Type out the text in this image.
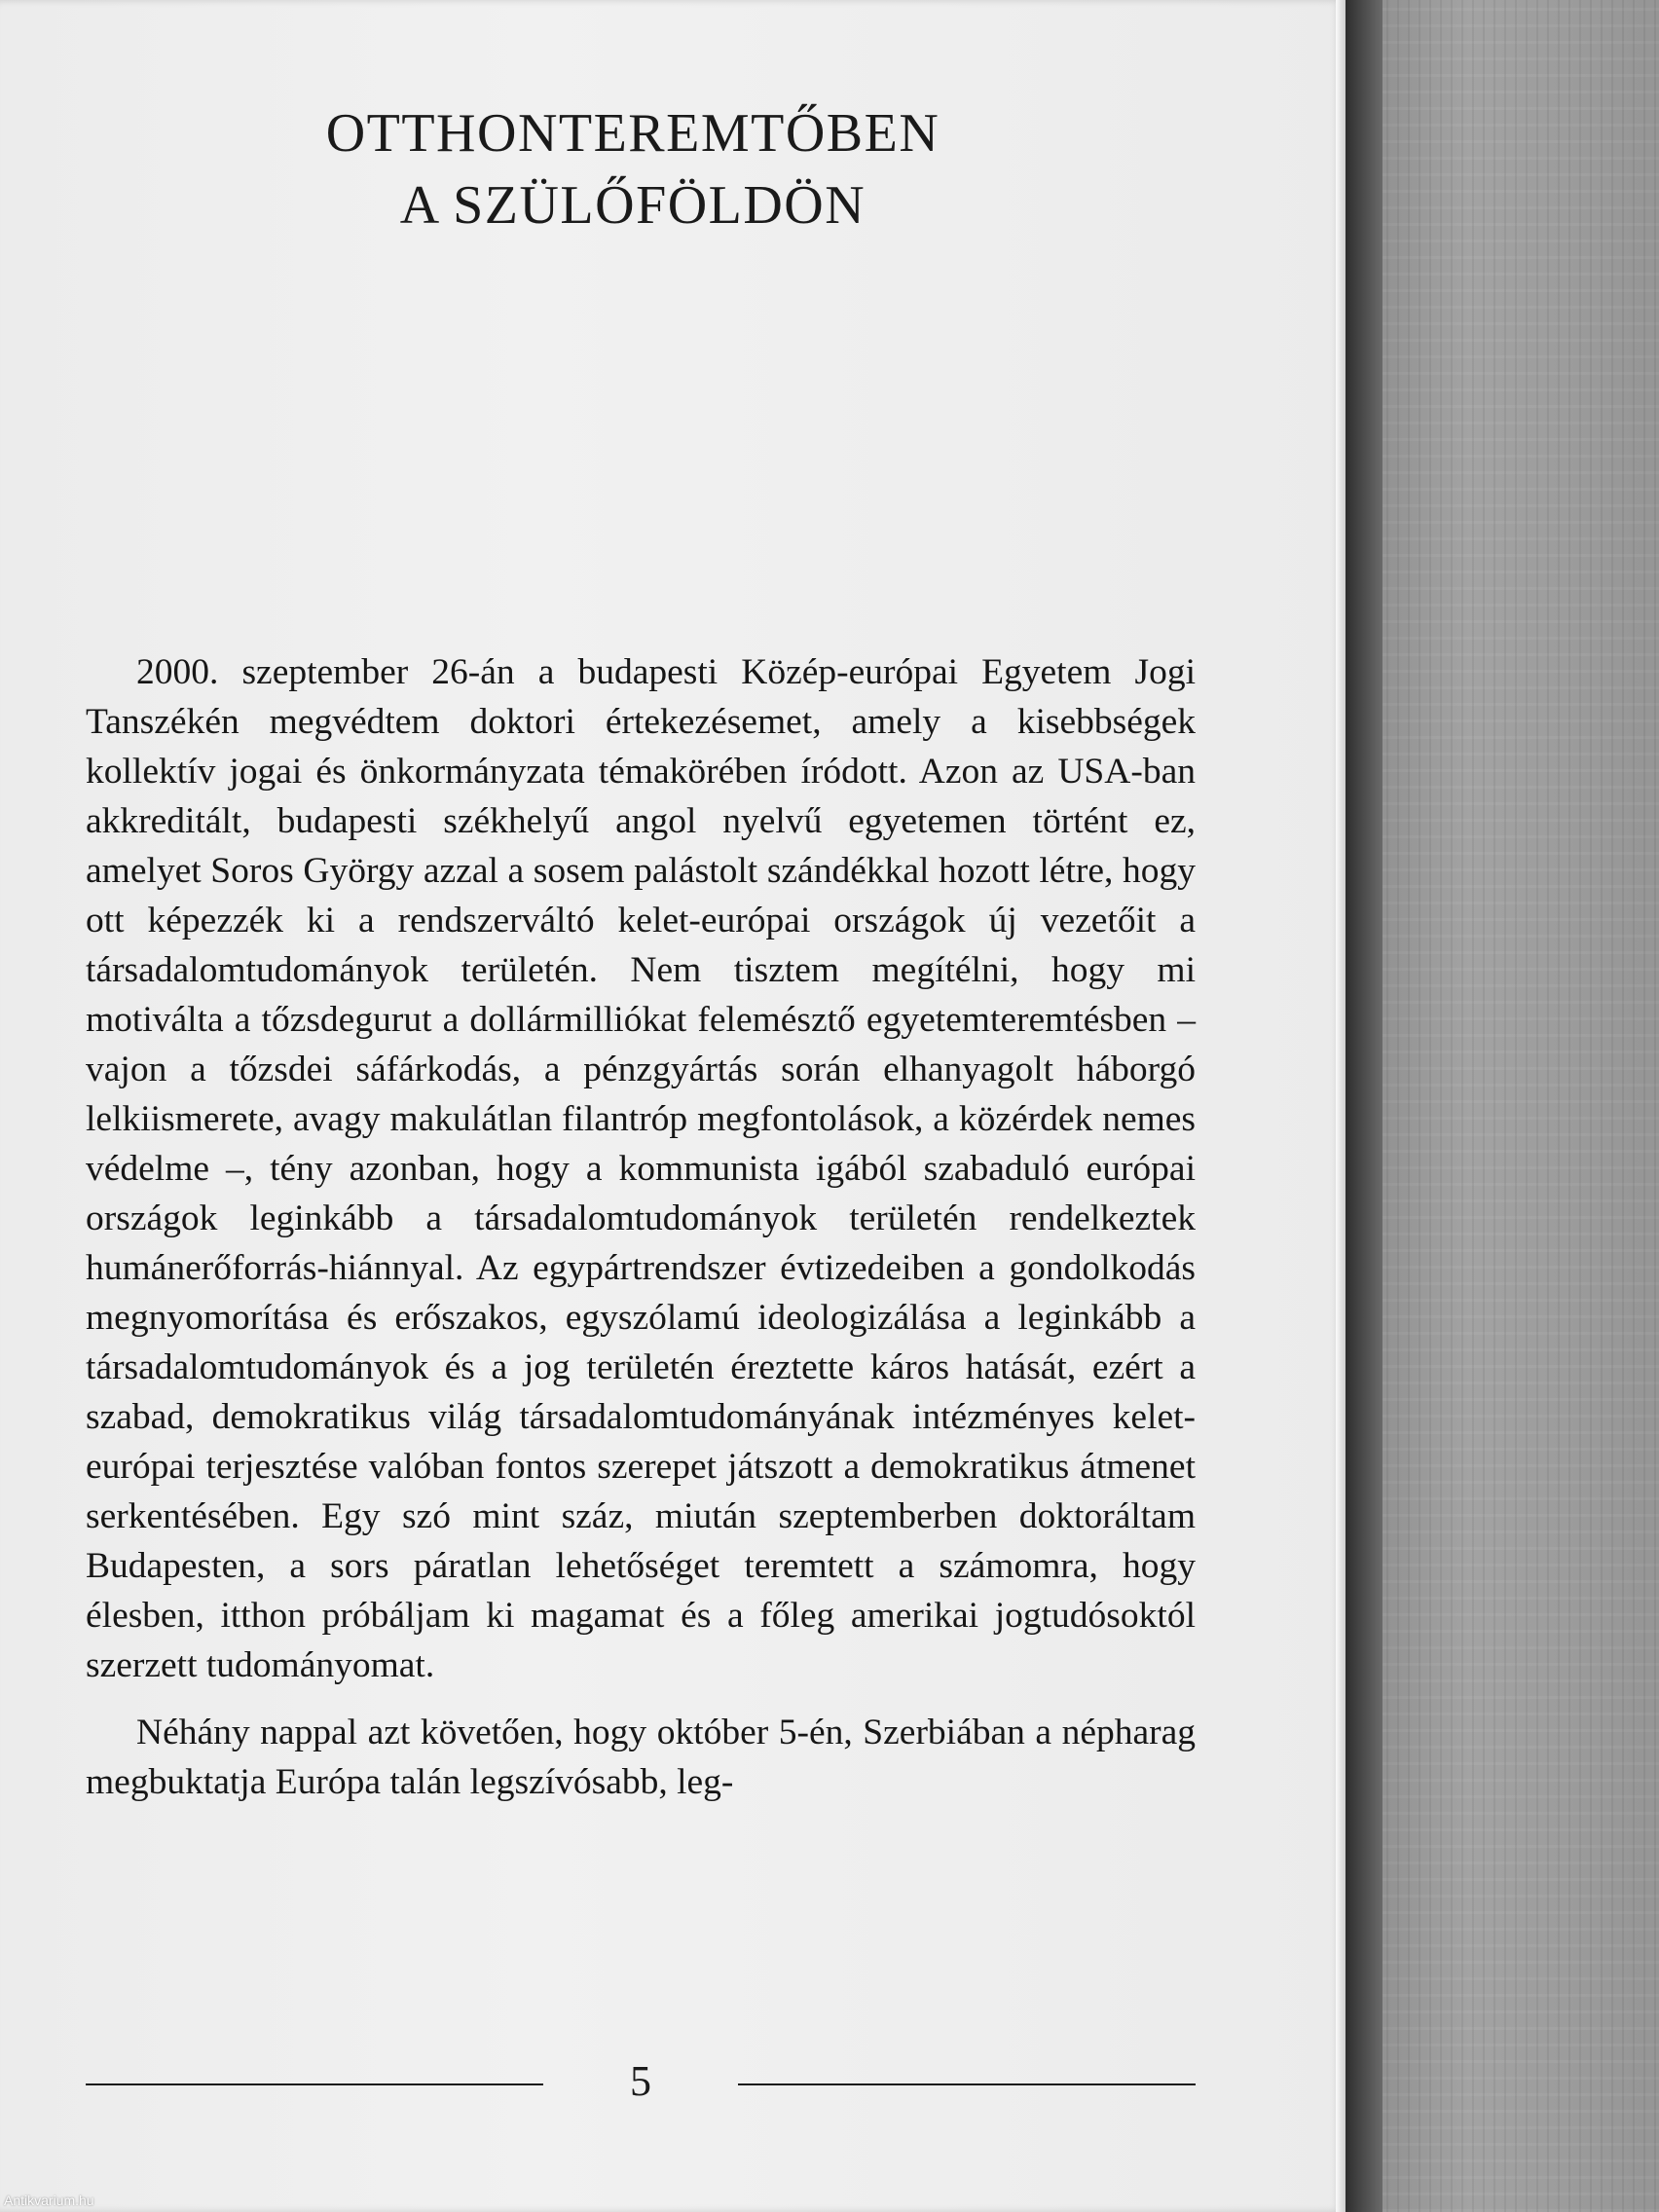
OTTHONTEREMTŐBEN
A SZÜLŐFÖLDÖN

2000. szeptember 26-án a budapesti Közép-európai Egyetem Jogi Tanszékén megvédtem doktori értekezésemet, amely a kisebbségek kollektív jogai és önkormányzata témakörében íródott. Azon az USA-ban akkreditált, budapesti székhelyű angol nyelvű egyetemen történt ez, amelyet Soros György azzal a sosem palástolt szándékkal hozott létre, hogy ott képezzék ki a rendszerváltó kelet-európai országok új vezetőit a társadalomtudományok területén. Nem tisztem megítélni, hogy mi motiválta a tőzsdegurut a dollármilliókat felemésztő egyetemteremtésben – vajon a tőzsdei sáfárkodás, a pénzgyártás során elhanyagolt háborgó lelkiismerete, avagy makulátlan filantróp megfontolások, a közérdek nemes védelme –, tény azonban, hogy a kommunista igából szabaduló európai országok leginkább a társadalomtudományok területén rendelkeztek humánerőforrás-hiánnyal. Az egypártrendszer évtizedeiben a gondolkodás megnyomorítása és erőszakos, egyszólamú ideologizálása a leginkább a társadalomtudományok és a jog területén éreztette káros hatását, ezért a szabad, demokratikus világ társadalomtudományának intézményes kelet-európai terjesztése valóban fontos szerepet játszott a demokratikus átmenet serkentésében. Egy szó mint száz, miután szeptemberben doktoráltam Budapesten, a sors páratlan lehetőséget teremtett a számomra, hogy élesben, itthon próbáljam ki magamat és a főleg amerikai jogtudósoktól szerzett tudományomat.

Néhány nappal azt követően, hogy október 5-én, Szerbiában a népharag megbuktatja Európa talán legszívósabb, leg-

5
Antikvarium.hu
